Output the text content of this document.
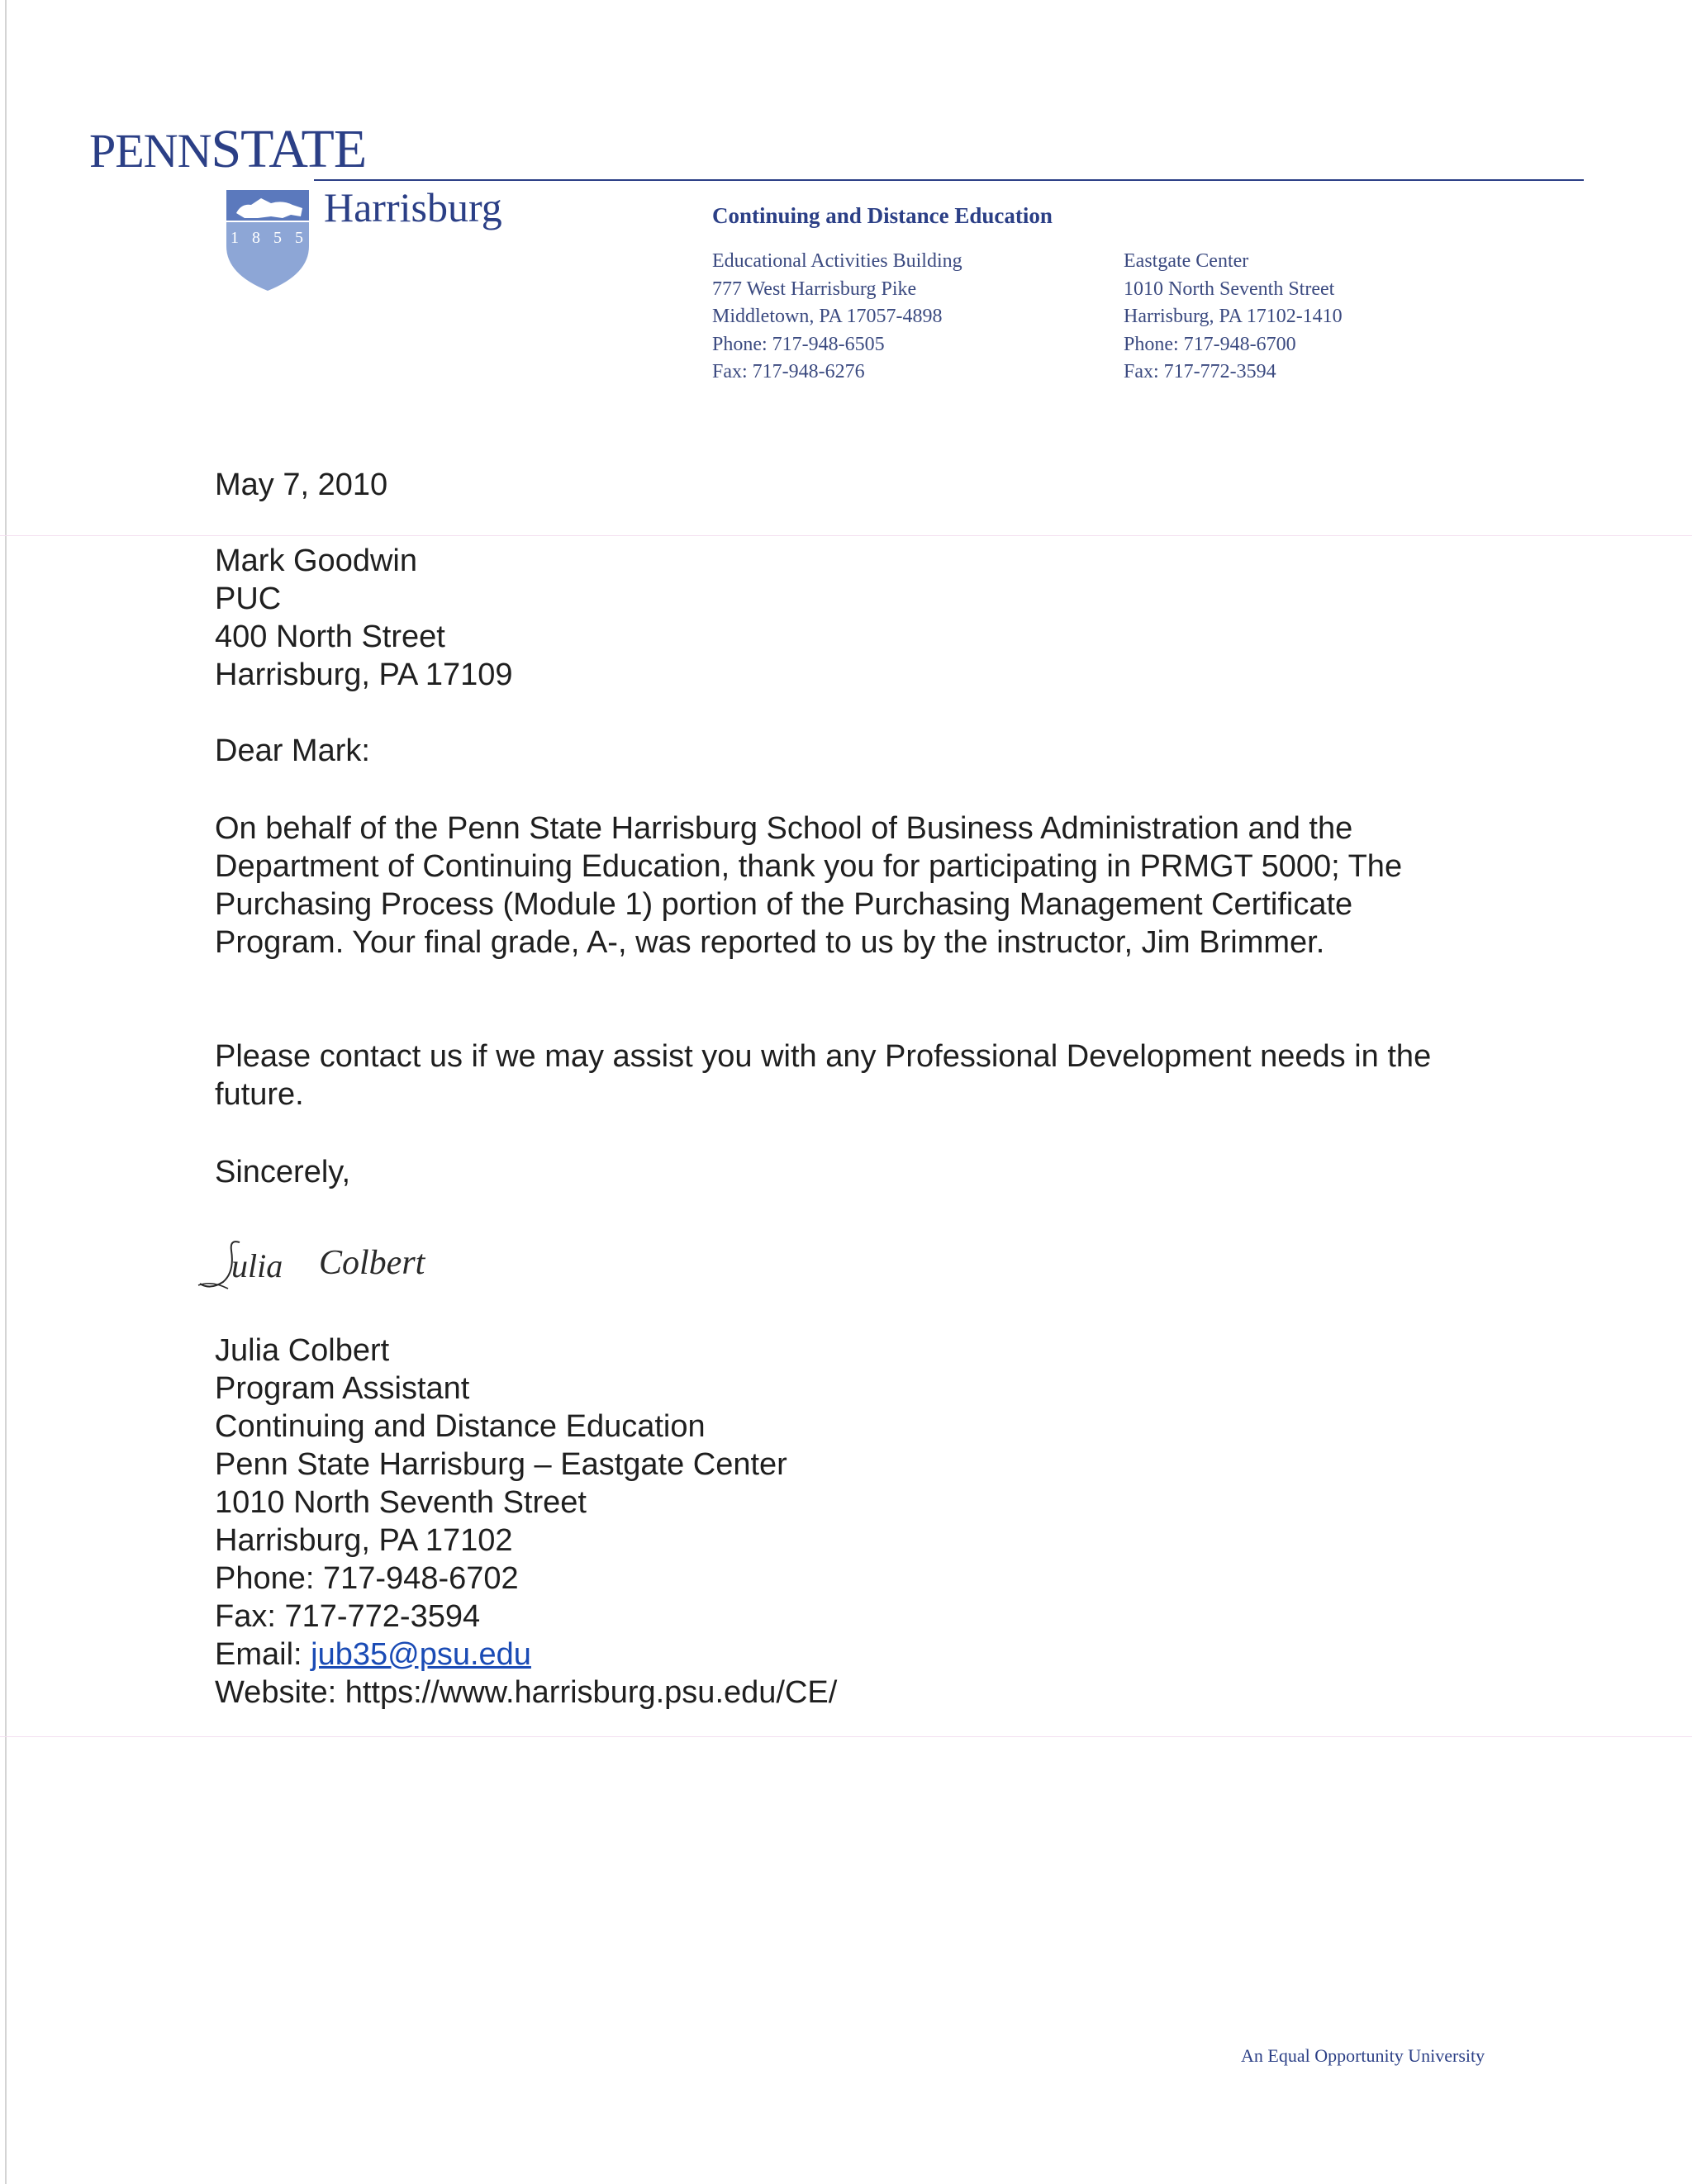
PENNSTATE
1 8 5 5
Harrisburg	Continuing and Distance Education
Educational Activities Building
777 West Harrisburg Pike
Middletown, PA 17057-4898
Phone: 717-948-6505
Fax: 717-948-6276
Eastgate Center
1010 North Seventh Street
Harrisburg, PA 17102-1410
Phone: 717-948-6700
Fax: 717-772-3594
May 7, 2010
Mark Goodwin
PUC
400 North Street
Harrisburg, PA 17109
Dear Mark:
On behalf of the Penn State Harrisburg School of Business Administration and the
Department of Continuing Education, thank you for participating in PRMGT 5000; The
Purchasing Process (Module 1) portion of the Purchasing Management Certificate
Program. Your final grade, A-, was reported to us by the instructor, Jim Brimmer.
Please contact us if we may assist you with any Professional Development needs in the
future.
Sincerely,
ulia Colbert
Julia Colbert
Program Assistant
Continuing and Distance Education
Penn State Harrisburg – Eastgate Center
1010 North Seventh Street
Harrisburg, PA 17102
Phone: 717-948-6702
Fax: 717-772-3594
Email: jub35@psu.edu
Website: https://www.harrisburg.psu.edu/CE/
An Equal Opportunity University
